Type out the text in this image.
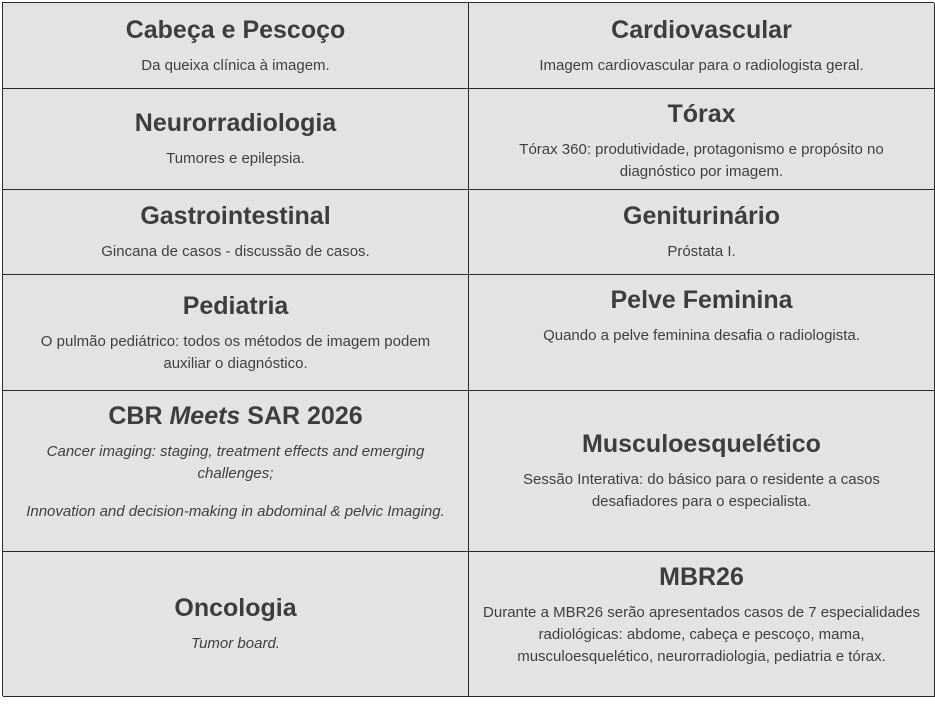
Cabeça e Pescoço

Da queixa clínica à imagem.

Cardiovascular

Imagem cardiovascular para o radiologista geral.

Neurorradiologia

Tumores e epilepsia.

Tórax

Tórax 360: produtividade, protagonismo e propósito no diagnóstico por imagem.

Gastrointestinal

Gincana de casos - discussão de casos.

Geniturinário

Próstata I.

Pediatria

O pulmão pediátrico: todos os métodos de imagem podem auxiliar o diagnóstico.

Pelve Feminina

Quando a pelve feminina desafia o radiologista.

CBR Meets SAR 2026

Cancer imaging: staging, treatment effects and emerging challenges;

Innovation and decision-making in abdominal & pelvic Imaging.

Musculoesquelético

Sessão Interativa: do básico para o residente a casos desafiadores para o especialista.

Oncologia

Tumor board.

MBR26

Durante a MBR26 serão apresentados casos de 7 especialidades radiológicas: abdome, cabeça e pescoço, mama, musculoesquelético, neurorradiologia, pediatria e tórax.
